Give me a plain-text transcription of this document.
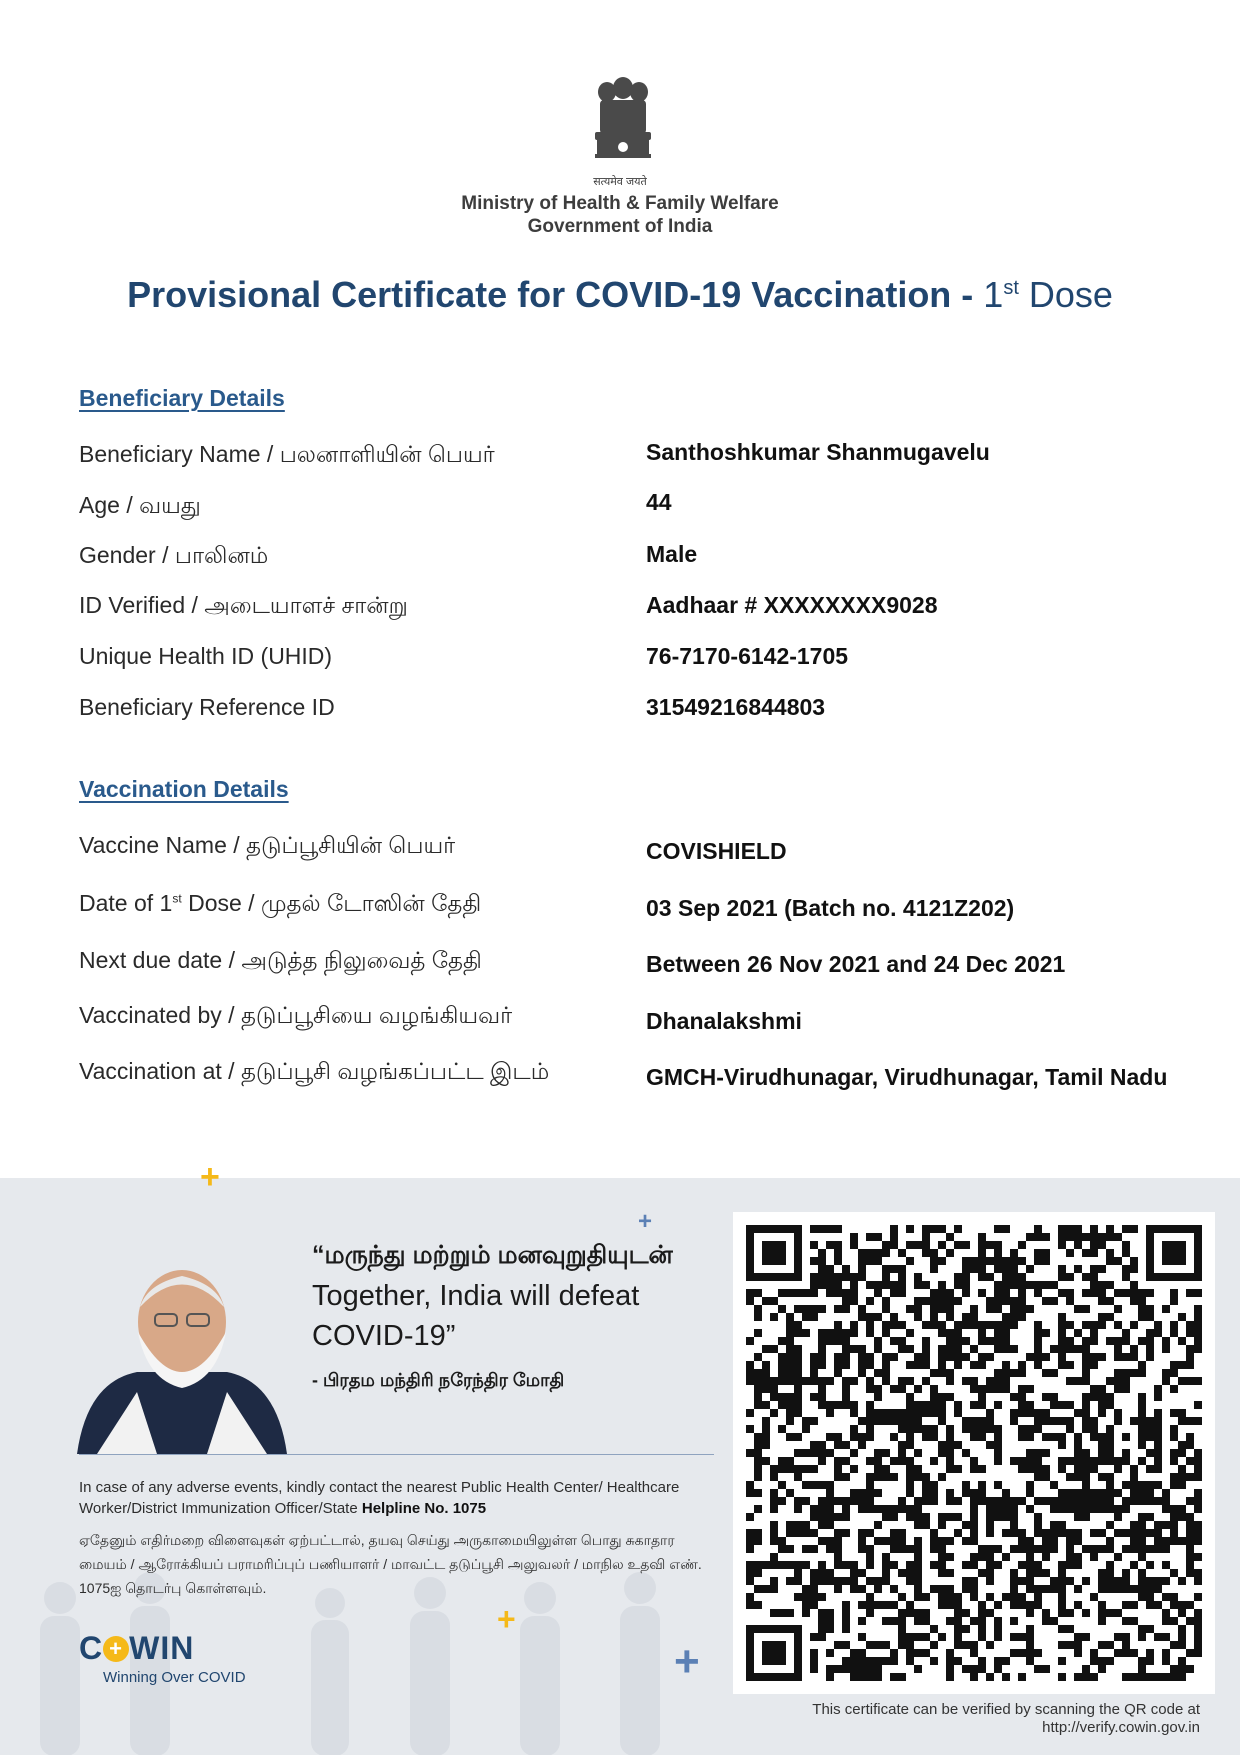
सत्यमेव जयते
Ministry of Health & Family Welfare
Government of India
Provisional Certificate for COVID-19 Vaccination - 1st Dose
Beneficiary Details
Beneficiary Name / பலனாளியின் பெயர்	Santhoshkumar Shanmugavelu
Age / வயது	44
Gender / பாலினம்	Male
ID Verified / அடையாளச் சான்று	Aadhaar # XXXXXXXX9028
Unique Health ID (UHID)	76-7170-6142-1705
Beneficiary Reference ID	31549216844803
Vaccination Details
Vaccine Name / தடுப்பூசியின் பெயர்	COVISHIELD
Date of 1st Dose / முதல் டோஸின் தேதி	03 Sep 2021 (Batch no. 4121Z202)
Next due date / அடுத்த நிலுவைத் தேதி	Between 26 Nov 2021 and 24 Dec 2021
Vaccinated by / தடுப்பூசியை வழங்கியவர்	Dhanalakshmi
Vaccination at / தடுப்பூசி வழங்கப்பட்ட இடம்	GMCH-Virudhunagar, Virudhunagar, Tamil Nadu
+
+
+
+
“மருந்து மற்றும் மனவுறுதியுடன்
Together, India will defeat COVID-19”
- பிரதம மந்திரி நரேந்திர மோதி
In case of any adverse events, kindly contact the nearest Public Health Center/ Healthcare Worker/District Immunization Officer/State Helpline No. 1075
ஏதேனும் எதிர்மறை விளைவுகள் ஏற்பட்டால், தயவு செய்து அருகாமையிலுள்ள பொது சுகாதார மையம் / ஆரோக்கியப் பராமரிப்புப் பணியாளர் / மாவட்ட தடுப்பூசி அலுவலர் / மாநில உதவி எண். 1075ஐ தொடர்பு கொள்ளவும்.
C + WIN
Winning Over COVID
This certificate can be verified by scanning the QR code at
http://verify.cowin.gov.in
